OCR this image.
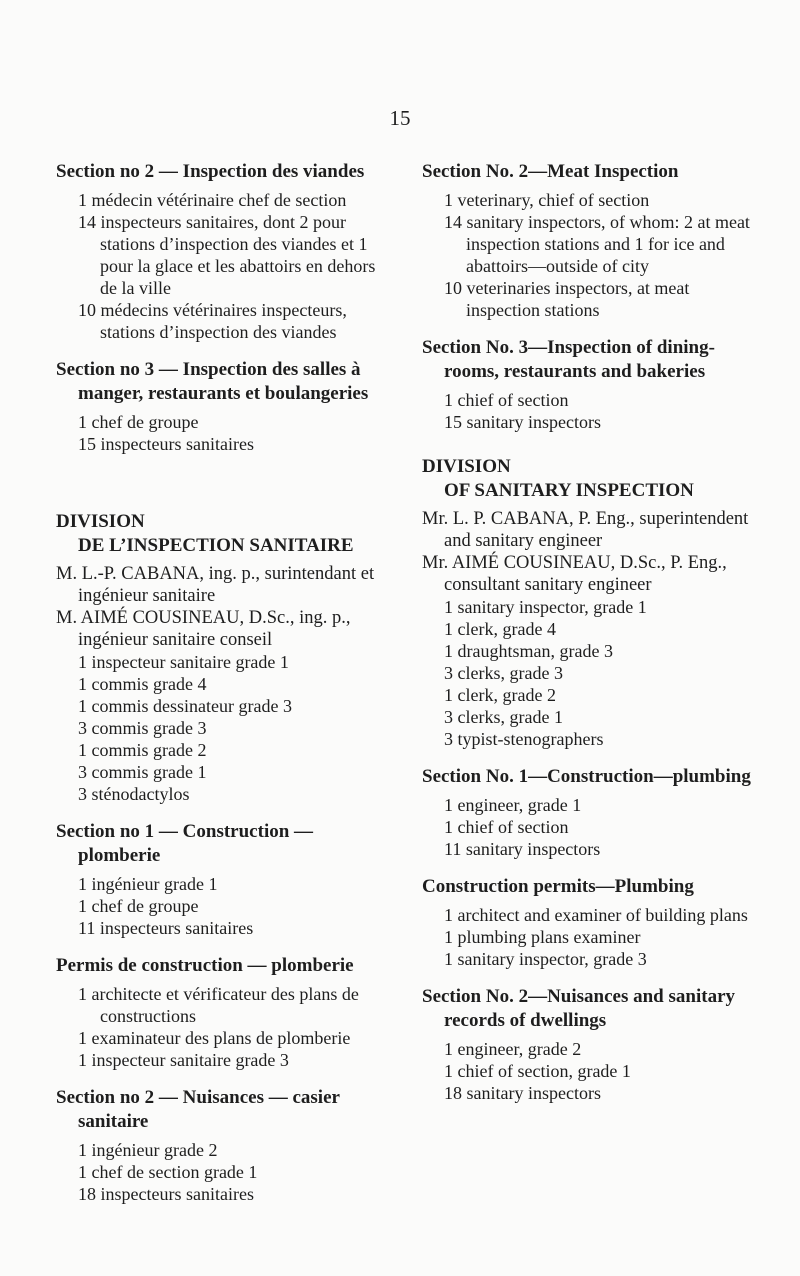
15
Section no 2 — Inspection des viandes
1 médecin vétérinaire chef de section
14 inspecteurs sanitaires, dont 2 pour stations d’inspection des viandes et 1 pour la glace et les abattoirs en dehors de la ville
10 médecins vétérinaires inspecteurs, stations d’inspection des viandes
Section no 3 — Inspection des salles à manger, restaurants et boulangeries
1 chef de groupe
15 inspecteurs sanitaires
DIVISION
DE L’INSPECTION SANITAIRE
M. L.-P. CABANA, ing. p., surintendant et ingénieur sanitaire
M. AIMÉ COUSINEAU, D.Sc., ing. p., ingénieur sanitaire conseil
1 inspecteur sanitaire grade 1
1 commis grade 4
1 commis dessinateur grade 3
3 commis grade 3
1 commis grade 2
3 commis grade 1
3 sténodactylos
Section no 1 — Construction — plomberie
1 ingénieur grade 1
1 chef de groupe
11 inspecteurs sanitaires
Permis de construction — plomberie
1 architecte et vérificateur des plans de constructions
1 examinateur des plans de plomberie
1 inspecteur sanitaire grade 3
Section no 2 — Nuisances — casier sanitaire
1 ingénieur grade 2
1 chef de section grade 1
18 inspecteurs sanitaires
Section No. 2—Meat Inspection
1 veterinary, chief of section
14 sanitary inspectors, of whom: 2 at meat inspection stations and 1 for ice and abattoirs—outside of city
10 veterinaries inspectors, at meat inspection stations
Section No. 3—Inspection of dining-rooms, restaurants and bakeries
1 chief of section
15 sanitary inspectors
DIVISION
OF SANITARY INSPECTION
Mr. L. P. CABANA, P. Eng., superintendent and sanitary engineer
Mr. AIMÉ COUSINEAU, D.Sc., P. Eng., consultant sanitary engineer
1 sanitary inspector, grade 1
1 clerk, grade 4
1 draughtsman, grade 3
3 clerks, grade 3
1 clerk, grade 2
3 clerks, grade 1
3 typist-stenographers
Section No. 1—Construction—plumbing
1 engineer, grade 1
1 chief of section
11 sanitary inspectors
Construction permits—Plumbing
1 architect and examiner of building plans
1 plumbing plans examiner
1 sanitary inspector, grade 3
Section No. 2—Nuisances and sanitary records of dwellings
1 engineer, grade 2
1 chief of section, grade 1
18 sanitary inspectors
